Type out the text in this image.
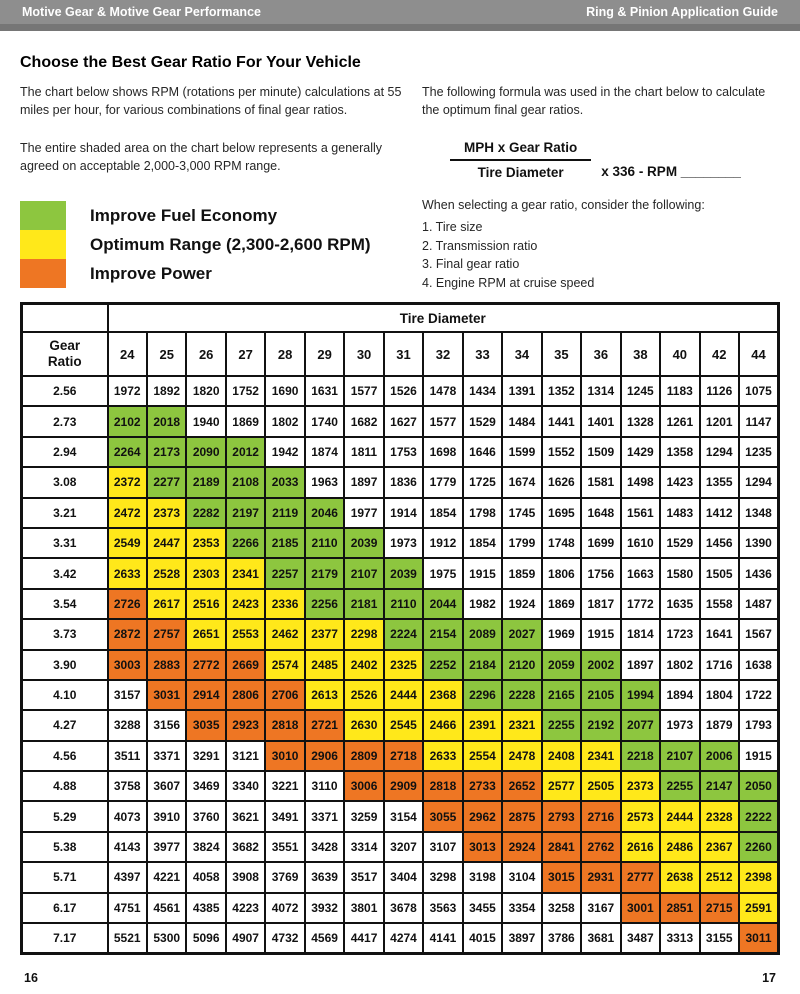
Motive Gear & Motive Gear Performance	Ring & Pinion Application Guide
Choose the Best Gear Ratio For Your Vehicle

The chart below shows RPM (rotations per minute) calculations at 55 miles per hour, for various combinations of final gear ratios.

The entire shaded area on the chart below represents a generally agreed on acceptable 2,000-3,000 RPM range.

Improve Fuel Economy
Optimum Range (2,300-2,600 RPM)
Improve Power

The following formula was used in the chart below to calculate the optimum final gear ratios.

$\frac{\text{MPH x Gear Ratio}}{\text{Tire Diameter}}$ x 336 - RPM ________

When selecting a gear ratio, consider the following:

1. Tire size
2. Transmission ratio
3. Final gear ratio
4. Engine RPM at cruise speed
	Tire Diameter																
Gear Ratio	24	25	26	27	28	29	30	31	32	33	34	35	36	38	40	42	44
2.56	1972	1892	1820	1752	1690	1631	1577	1526	1478	1434	1391	1352	1314	1245	1183	1126	1075
2.73	2102	2018	1940	1869	1802	1740	1682	1627	1577	1529	1484	1441	1401	1328	1261	1201	1147
2.94	2264	2173	2090	2012	1942	1874	1811	1753	1698	1646	1599	1552	1509	1429	1358	1294	1235
3.08	2372	2277	2189	2108	2033	1963	1897	1836	1779	1725	1674	1626	1581	1498	1423	1355	1294
3.21	2472	2373	2282	2197	2119	2046	1977	1914	1854	1798	1745	1695	1648	1561	1483	1412	1348
3.31	2549	2447	2353	2266	2185	2110	2039	1973	1912	1854	1799	1748	1699	1610	1529	1456	1390
3.42	2633	2528	2303	2341	2257	2179	2107	2039	1975	1915	1859	1806	1756	1663	1580	1505	1436
3.54	2726	2617	2516	2423	2336	2256	2181	2110	2044	1982	1924	1869	1817	1772	1635	1558	1487
3.73	2872	2757	2651	2553	2462	2377	2298	2224	2154	2089	2027	1969	1915	1814	1723	1641	1567
3.90	3003	2883	2772	2669	2574	2485	2402	2325	2252	2184	2120	2059	2002	1897	1802	1716	1638
4.10	3157	3031	2914	2806	2706	2613	2526	2444	2368	2296	2228	2165	2105	1994	1894	1804	1722
4.27	3288	3156	3035	2923	2818	2721	2630	2545	2466	2391	2321	2255	2192	2077	1973	1879	1793
4.56	3511	3371	3291	3121	3010	2906	2809	2718	2633	2554	2478	2408	2341	2218	2107	2006	1915
4.88	3758	3607	3469	3340	3221	3110	3006	2909	2818	2733	2652	2577	2505	2373	2255	2147	2050
5.29	4073	3910	3760	3621	3491	3371	3259	3154	3055	2962	2875	2793	2716	2573	2444	2328	2222
5.38	4143	3977	3824	3682	3551	3428	3314	3207	3107	3013	2924	2841	2762	2616	2486	2367	2260
5.71	4397	4221	4058	3908	3769	3639	3517	3404	3298	3198	3104	3015	2931	2777	2638	2512	2398
6.17	4751	4561	4385	4223	4072	3932	3801	3678	3563	3455	3354	3258	3167	3001	2851	2715	2591
7.17	5521	5300	5096	4907	4732	4569	4417	4274	4141	4015	3897	3786	3681	3487	3313	3155	3011
16	17
